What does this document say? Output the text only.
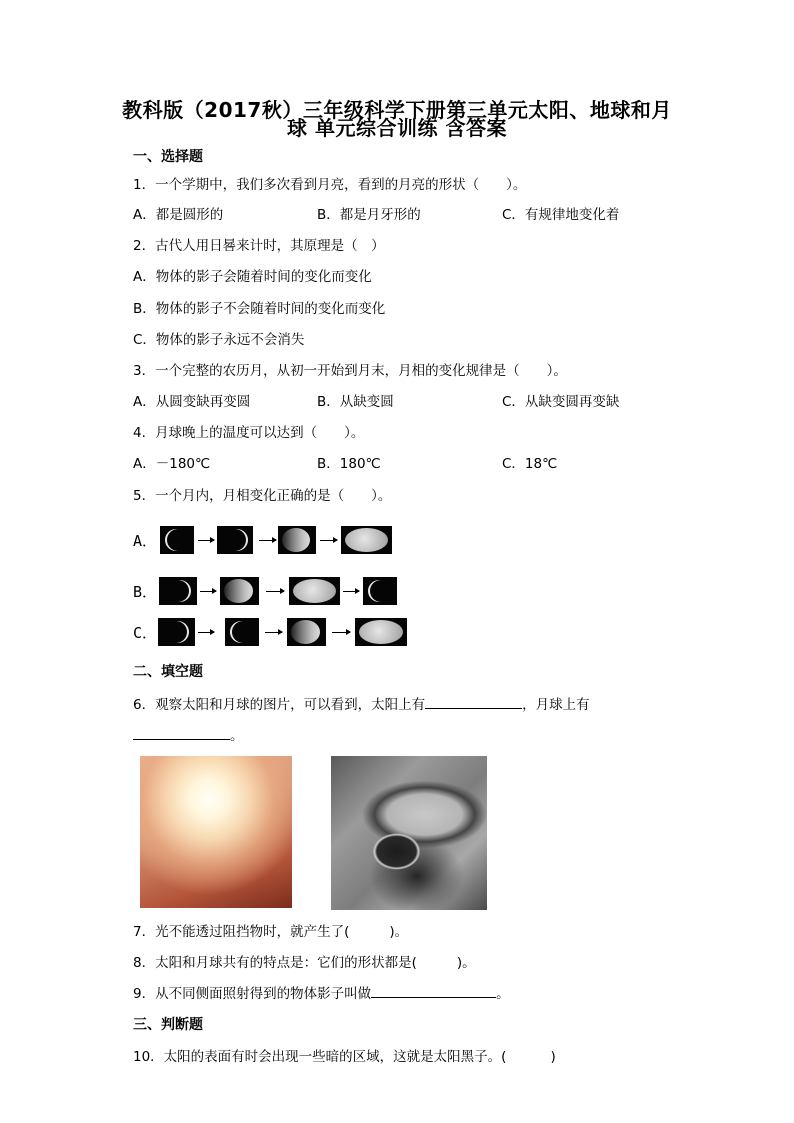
教科版（2017秋）三年级科学下册第三单元太阳、地球和月
球 单元综合训练 含答案
一、选择题
1．一个学期中，我们多次看到月亮，看到的月亮的形状（　　）。
A．都是圆形的	B．都是月牙形的	C．有规律地变化着
2．古代人用日晷来计时，其原理是（　）
A．物体的影子会随着时间的变化而变化
B．物体的影子不会随着时间的变化而变化
C．物体的影子永远不会消失
3．一个完整的农历月，从初一开始到月末，月相的变化规律是（　　）。
A．从圆变缺再变圆	B．从缺变圆	C．从缺变圆再变缺
4．月球晚上的温度可以达到（　　）。
A．－180℃	B．180℃	C．18℃
5．一个月内，月相变化正确的是（　　）。
A．
B．
C．
二、填空题
6．观察太阳和月球的图片，可以看到，太阳上有	，月球上有
。
7．光不能透过阻挡物时，就产生了(	)。
8．太阳和月球共有的特点是：它们的形状都是(	)。
9．从不同侧面照射得到的物体影子叫做	。
三、判断题
10．太阳的表面有时会出现一些暗的区域，这就是太阳黑子。(	)
